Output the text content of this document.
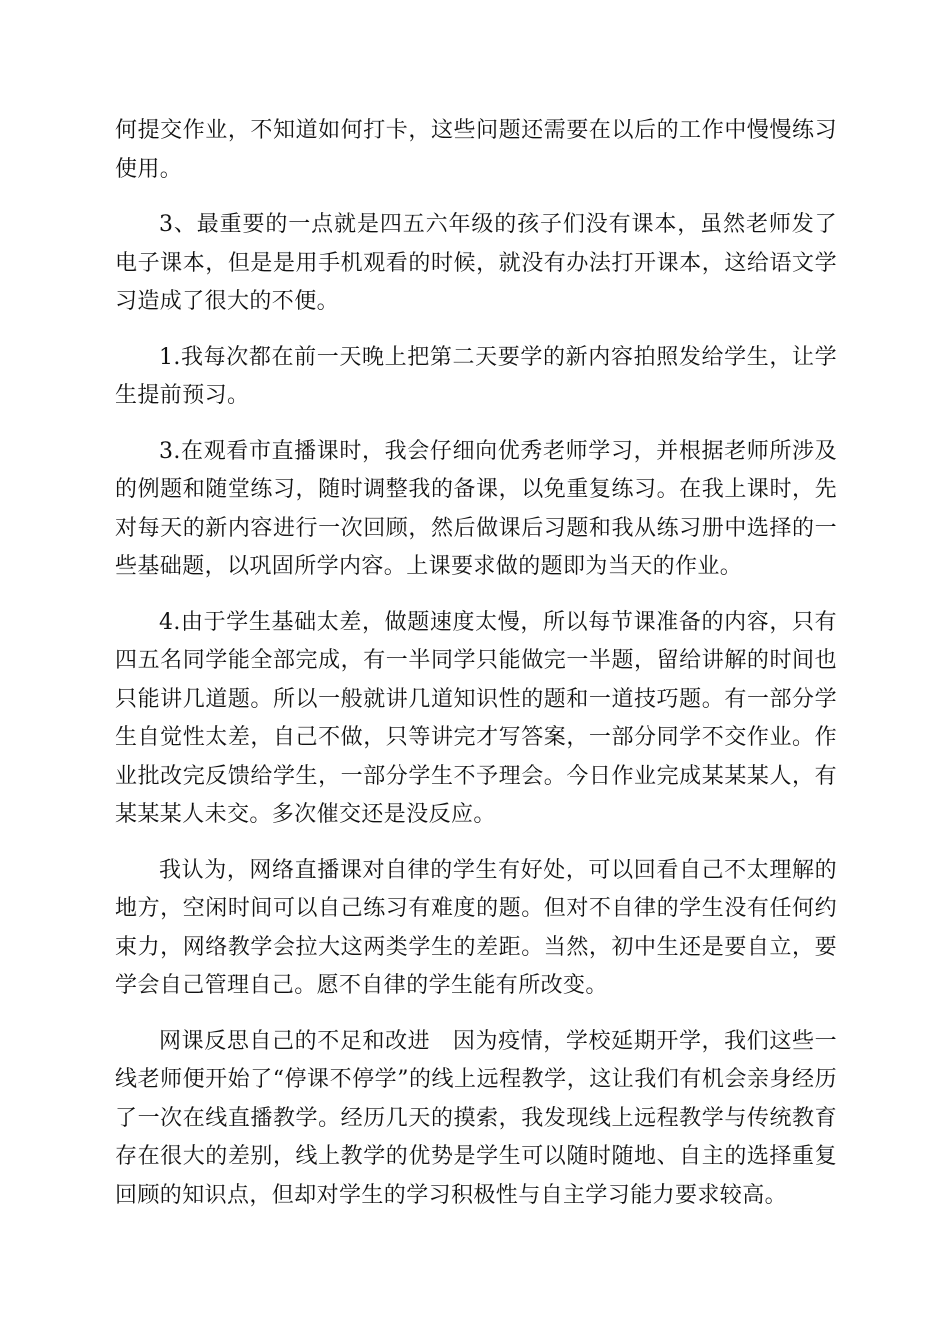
何提交作业，不知道如何打卡，这些问题还需要在以后的工作中慢慢练习使用。

3、最重要的一点就是四五六年级的孩子们没有课本，虽然老师发了电子课本，但是是用手机观看的时候，就没有办法打开课本，这给语文学习造成了很大的不便。

1.我每次都在前一天晚上把第二天要学的新内容拍照发给学生，让学生提前预习。

3.在观看市直播课时，我会仔细向优秀老师学习，并根据老师所涉及的例题和随堂练习，随时调整我的备课，以免重复练习。在我上课时，先对每天的新内容进行一次回顾，然后做课后习题和我从练习册中选择的一些基础题，以巩固所学内容。上课要求做的题即为当天的作业。

4.由于学生基础太差，做题速度太慢，所以每节课准备的内容，只有四五名同学能全部完成，有一半同学只能做完一半题，留给讲解的时间也只能讲几道题。所以一般就讲几道知识性的题和一道技巧题。有一部分学生自觉性太差，自己不做，只等讲完才写答案，一部分同学不交作业。作业批改完反馈给学生，一部分学生不予理会。今日作业完成某某某人，有某某某人未交。多次催交还是没反应。

我认为，网络直播课对自律的学生有好处，可以回看自己不太理解的地方，空闲时间可以自己练习有难度的题。但对不自律的学生没有任何约束力，网络教学会拉大这两类学生的差距。当然，初中生还是要自立，要学会自己管理自己。愿不自律的学生能有所改变。

网课反思自己的不足和改进　因为疫情，学校延期开学，我们这些一线老师便开始了“停课不停学”的线上远程教学，这让我们有机会亲身经历了一次在线直播教学。经历几天的摸索，我发现线上远程教学与传统教育存在很大的差别，线上教学的优势是学生可以随时随地、自主的选择重复回顾的知识点，但却对学生的学习积极性与自主学习能力要求较高。
